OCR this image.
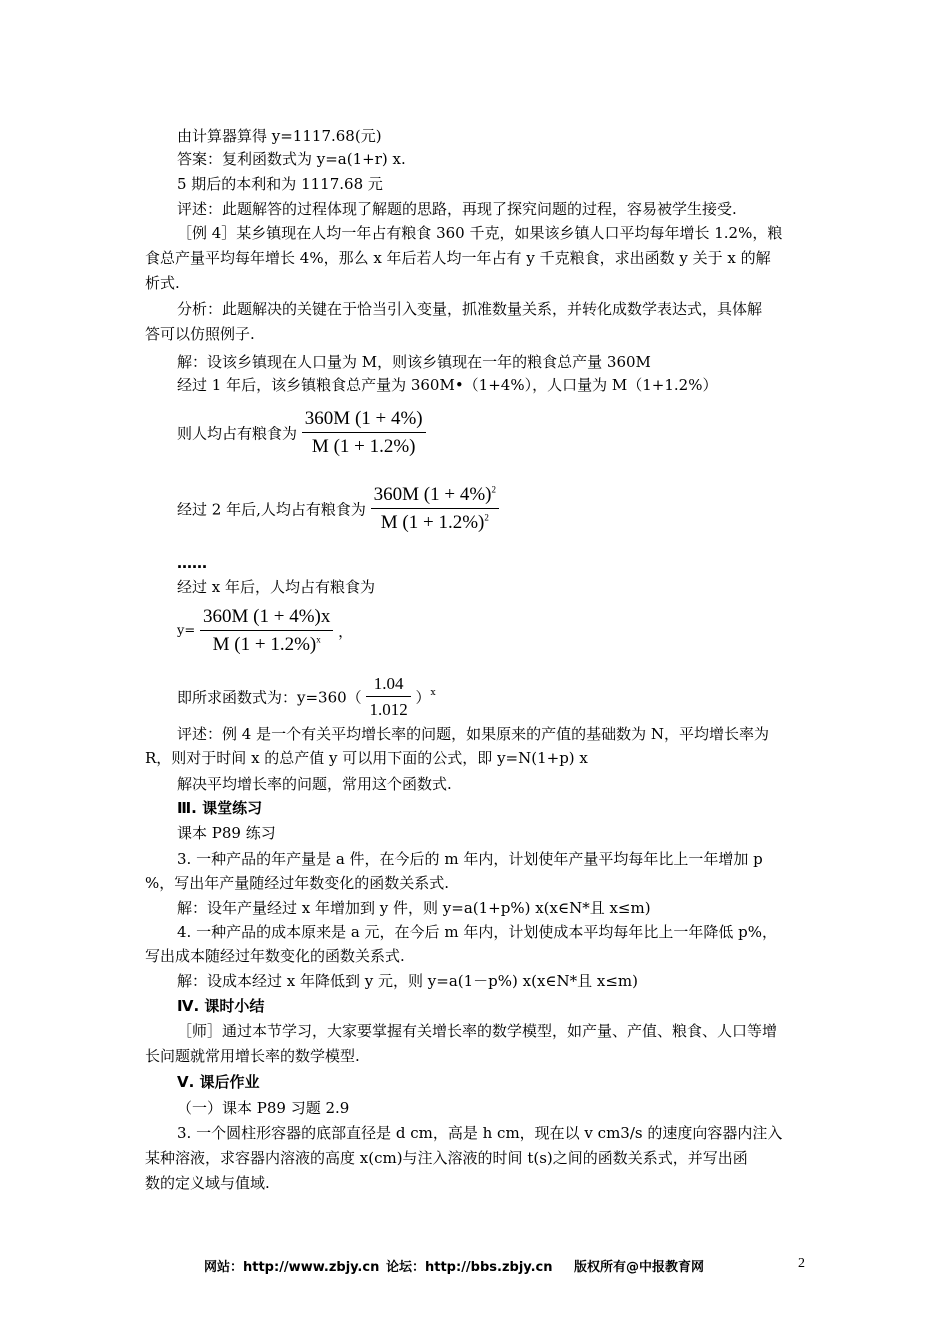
由计算器算得 y=1117.68(元)
答案：复利函数式为 y=a(1+r) x.
5 期后的本利和为 1117.68 元
评述：此题解答的过程体现了解题的思路，再现了探究问题的过程，容易被学生接受.
［例 4］某乡镇现在人均一年占有粮食 360 千克，如果该乡镇人口平均每年增长 1.2%，粮
食总产量平均每年增长 4%，那么 x 年后若人均一年占有 y 千克粮食，求出函数 y 关于 x 的解
析式.
分析：此题解决的关键在于恰当引入变量，抓准数量关系，并转化成数学表达式，具体解
答可以仿照例子.
解：设该乡镇现在人口量为 M，则该乡镇现在一年的粮食总产量 360M
经过 1 年后，该乡镇粮食总产量为 360M•（1+4%），人口量为 M（1+1.2%）
则人均占有粮食为 $\frac{360M (1 + 4\%)}{M (1 + 1.2\%)}$
经过 2 年后,人均占有粮食为 $\frac{360M (1 + 4\%)^2}{M (1 + 1.2\%)^2}$
……
经过 x 年后，人均占有粮食为
$y= \frac{360M (1 + 4\%)x}{M (1 + 1.2\%)^x}$ ，
即所求函数式为：$y=360( \frac{1.04}{1.012} )^x$
评述：例 4 是一个有关平均增长率的问题，如果原来的产值的基础数为 N，平均增长率为
R，则对于时间 x 的总产值 y 可以用下面的公式，即 y=N(1+p) x
解决平均增长率的问题，常用这个函数式.
Ⅲ. 课堂练习
课本 P89 练习
3. 一种产品的年产量是 a 件，在今后的 m 年内，计划使年产量平均每年比上一年增加 p
%，写出年产量随经过年数变化的函数关系式.
解：设年产量经过 x 年增加到 y 件，则 y=a(1+p%) x(x∈N*且 x≤m)
4. 一种产品的成本原来是 a 元，在今后 m 年内，计划使成本平均每年比上一年降低 p%，
写出成本随经过年数变化的函数关系式.
解：设成本经过 x 年降低到 y 元，则 y=a(1－p%) x(x∈N*且 x≤m)
Ⅳ. 课时小结
［师］通过本节学习，大家要掌握有关增长率的数学模型，如产量、产值、粮食、人口等增
长问题就常用增长率的数学模型.
Ⅴ. 课后作业
（一）课本 P89 习题 2.9
3. 一个圆柱形容器的底部直径是 d cm，高是 h cm，现在以 v cm3/s 的速度向容器内注入
某种溶液，求容器内溶液的高度 x(cm)与注入溶液的时间 t(s)之间的函数关系式，并写出函
数的定义域与值域.
网站：http://www.zbjy.cn 论坛：http://bbs.zbjy.cn 版权所有@中报教育网	2
